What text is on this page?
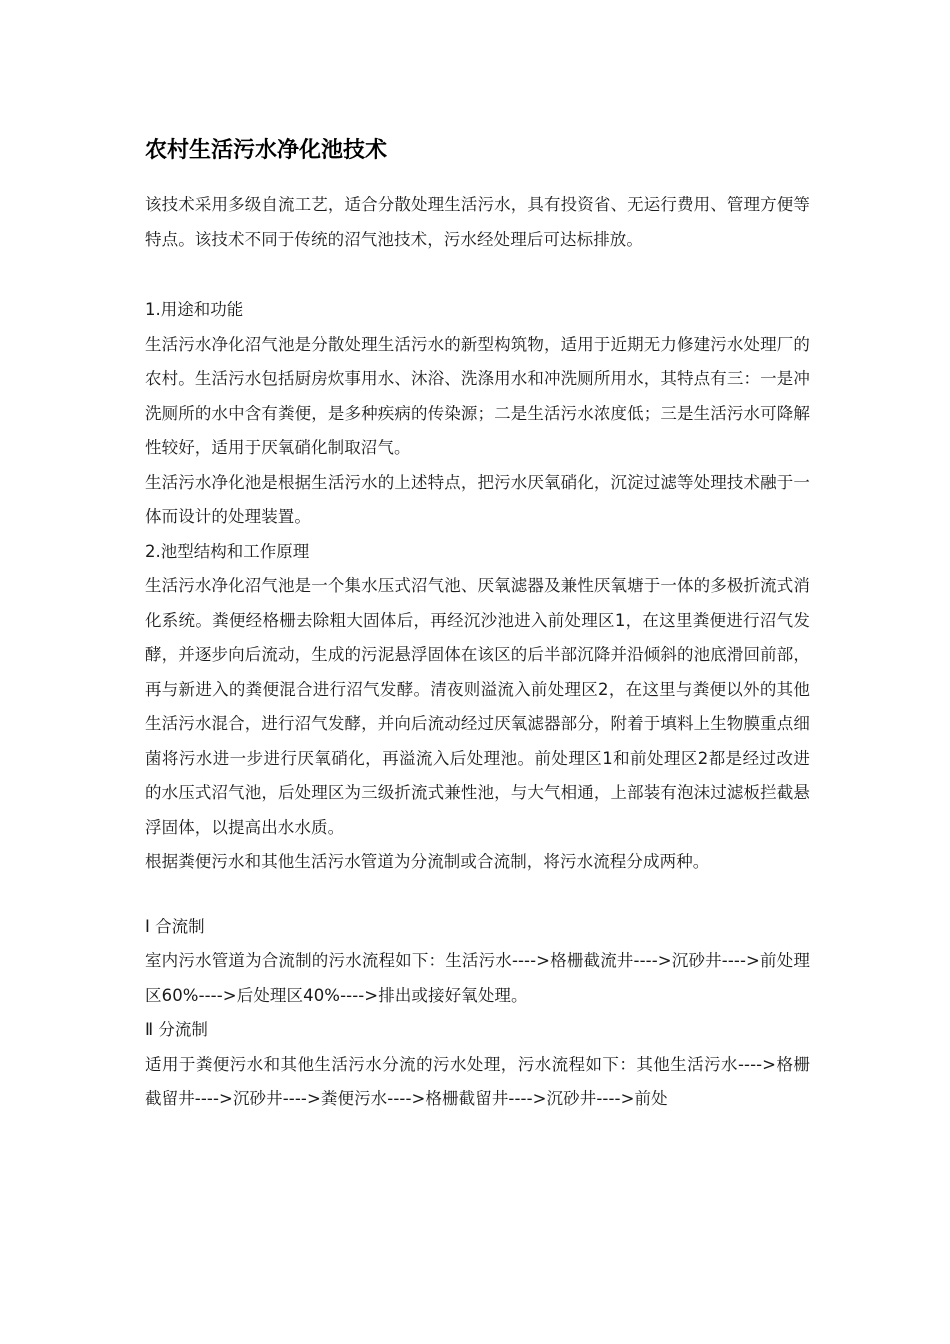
农村生活污水净化池技术

该技术采用多级自流工艺，适合分散处理生活污水，具有投资省、无运行费用、管理方便等特点。该技术不同于传统的沼气池技术，污水经处理后可达标排放。

1.用途和功能

生活污水净化沼气池是分散处理生活污水的新型构筑物，适用于近期无力修建污水处理厂的农村。生活污水包括厨房炊事用水、沐浴、洗涤用水和冲洗厕所用水，其特点有三：一是冲洗厕所的水中含有粪便，是多种疾病的传染源；二是生活污水浓度低；三是生活污水可降解性较好，适用于厌氧硝化制取沼气。

生活污水净化池是根据生活污水的上述特点，把污水厌氧硝化，沉淀过滤等处理技术融于一体而设计的处理装置。

2.池型结构和工作原理

生活污水净化沼气池是一个集水压式沼气池、厌氧滤器及兼性厌氧塘于一体的多极折流式消化系统。粪便经格栅去除粗大固体后，再经沉沙池进入前处理区1，在这里粪便进行沼气发酵，并逐步向后流动，生成的污泥悬浮固体在该区的后半部沉降并沿倾斜的池底滑回前部，再与新进入的粪便混合进行沼气发酵。清夜则溢流入前处理区2，在这里与粪便以外的其他生活污水混合，进行沼气发酵，并向后流动经过厌氧滤器部分，附着于填料上生物膜重点细菌将污水进一步进行厌氧硝化，再溢流入后处理池。前处理区1和前处理区2都是经过改进的水压式沼气池，后处理区为三级折流式兼性池，与大气相通，上部装有泡沫过滤板拦截悬浮固体，以提高出水水质。

根据粪便污水和其他生活污水管道为分流制或合流制，将污水流程分成两种。

Ⅰ 合流制

室内污水管道为合流制的污水流程如下：生活污水---->格栅截流井---->沉砂井---->前处理区60%---->后处理区40%---->排出或接好氧处理。

Ⅱ 分流制

适用于粪便污水和其他生活污水分流的污水处理，污水流程如下：其他生活污水---->格栅截留井---->沉砂井---->粪便污水---->格栅截留井---->沉砂井---->前处
